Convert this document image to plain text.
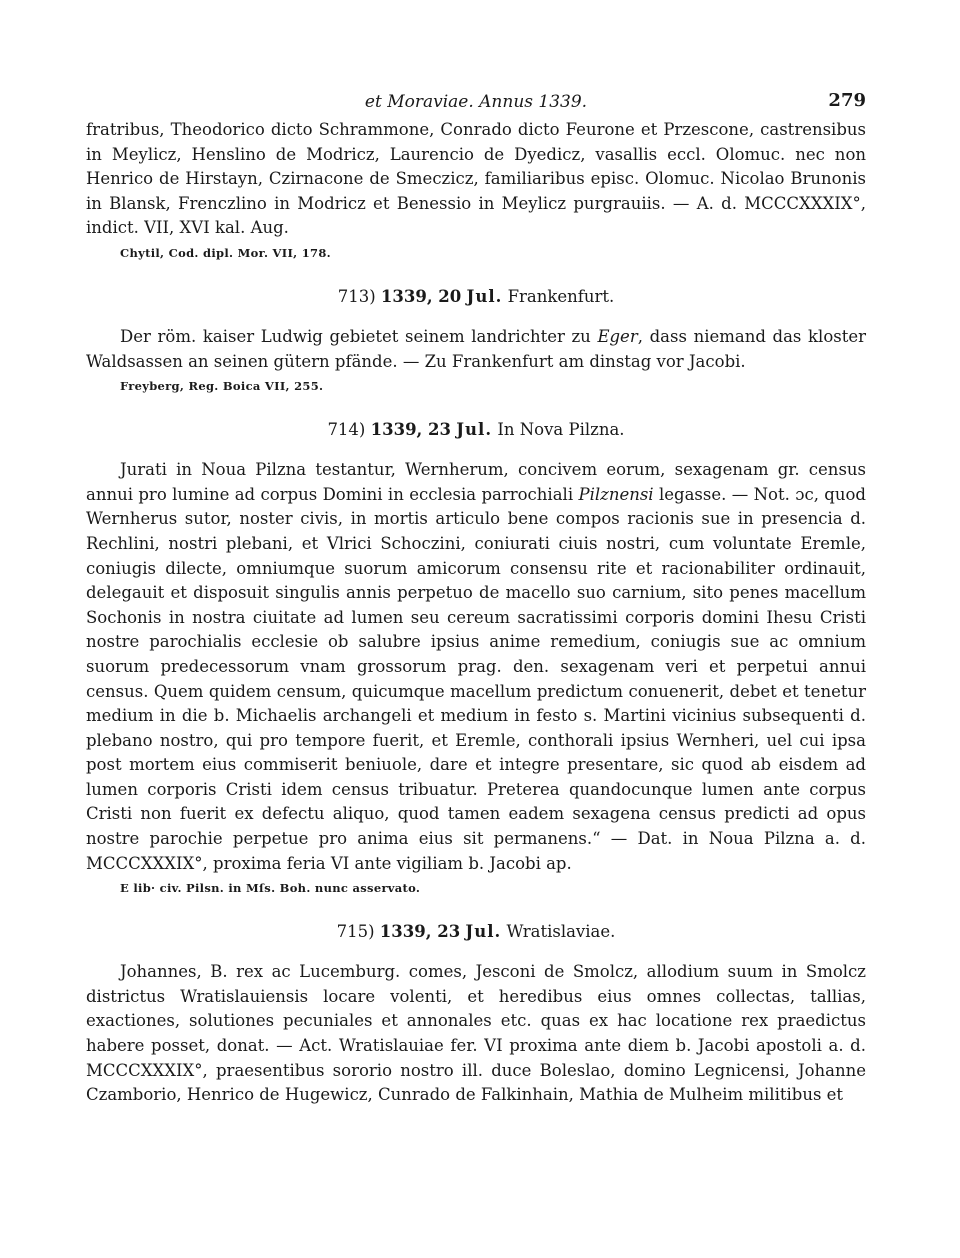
et Moraviae. Annus 1339.	279

fratribus, Theodorico dicto Schrammone, Conrado dicto Feurone et Przescone, castrensibus in Meylicz, Henslino de Modricz, Laurencio de Dyedicz, vasallis eccl. Olomuc. nec non Henrico de Hirstayn, Czirnacone de Smeczicz, familiaribus episc. Olomuc. Nicolao Brunonis in Blansk, Frenczlino in Modricz et Benessio in Meylicz purgrauiis. — A. d. MCCCXXXIX°, indict. VII, XVI kal. Aug.

Chytil, Cod. dipl. Mor. VII, 178.
713) 1339, 20 Jul. Frankenfurt.

Der röm. kaiser Ludwig gebietet seinem landrichter zu Eger, dass niemand das kloster Waldsassen an seinen gütern pfände. — Zu Frankenfurt am dinstag vor Jacobi.

Freyberg, Reg. Boica VII, 255.
714) 1339, 23 Jul. In Nova Pilzna.

Jurati in Noua Pilzna testantur, Wernherum, concivem eorum, sexagenam gr. census annui pro lumine ad corpus Domini in ecclesia parrochiali Pilznensi legasse. — Not. ɔc, quod Wernherus sutor, noster civis, in mortis articulo bene compos racionis sue in presencia d. Rechlini, nostri plebani, et Vlrici Schoczini, coniurati ciuis nostri, cum voluntate Eremle, coniugis dilecte, omniumque suorum amicorum consensu rite et racionabiliter ordinauit, delegauit et disposuit singulis annis perpetuo de macello suo carnium, sito penes macellum Sochonis in nostra ciuitate ad lumen seu cereum sacratissimi corporis domini Ihesu Cristi nostre parochialis ecclesie ob salubre ipsius anime remedium, coniugis sue ac omnium suorum predecessorum vnam grossorum prag. den. sexagenam veri et perpetui annui census. Quem quidem censum, quicumque macellum predictum conuenerit, debet et tenetur medium in die b. Michaelis archangeli et medium in festo s. Martini vicinius subsequenti d. plebano nostro, qui pro tempore fuerit, et Eremle, conthorali ipsius Wernheri, uel cui ipsa post mortem eius commiserit beniuole, dare et integre presentare, sic quod ab eisdem ad lumen corporis Cristi idem census tribuatur. Preterea quandocunque lumen ante corpus Cristi non fuerit ex defectu aliquo, quod tamen eadem sexagena census predicti ad opus nostre parochie perpetue pro anima eius sit permanens.“ — Dat. in Noua Pilzna a. d. MCCCXXXIX°, proxima feria VI ante vigiliam b. Jacobi ap.

E lib· civ. Pilsn. in Mſs. Boh. nunc asservato.
715) 1339, 23 Jul. Wratislaviae.

Johannes, B. rex ac Lucemburg. comes, Jesconi de Smolcz, allodium suum in Smolcz districtus Wratislauiensis locare volenti, et heredibus eius omnes collectas, tallias, exactiones, solutiones pecuniales et annonales etc. quas ex hac locatione rex praedictus habere posset, donat. — Act. Wratislauiae fer. VI proxima ante diem b. Jacobi apostoli a. d. MCCCXXXIX°, praesentibus sororio nostro ill. duce Boleslao, domino Legnicensi, Johanne Czamborio, Henrico de Hugewicz, Cunrado de Falkinhain, Mathia de Mulheim militibus et
